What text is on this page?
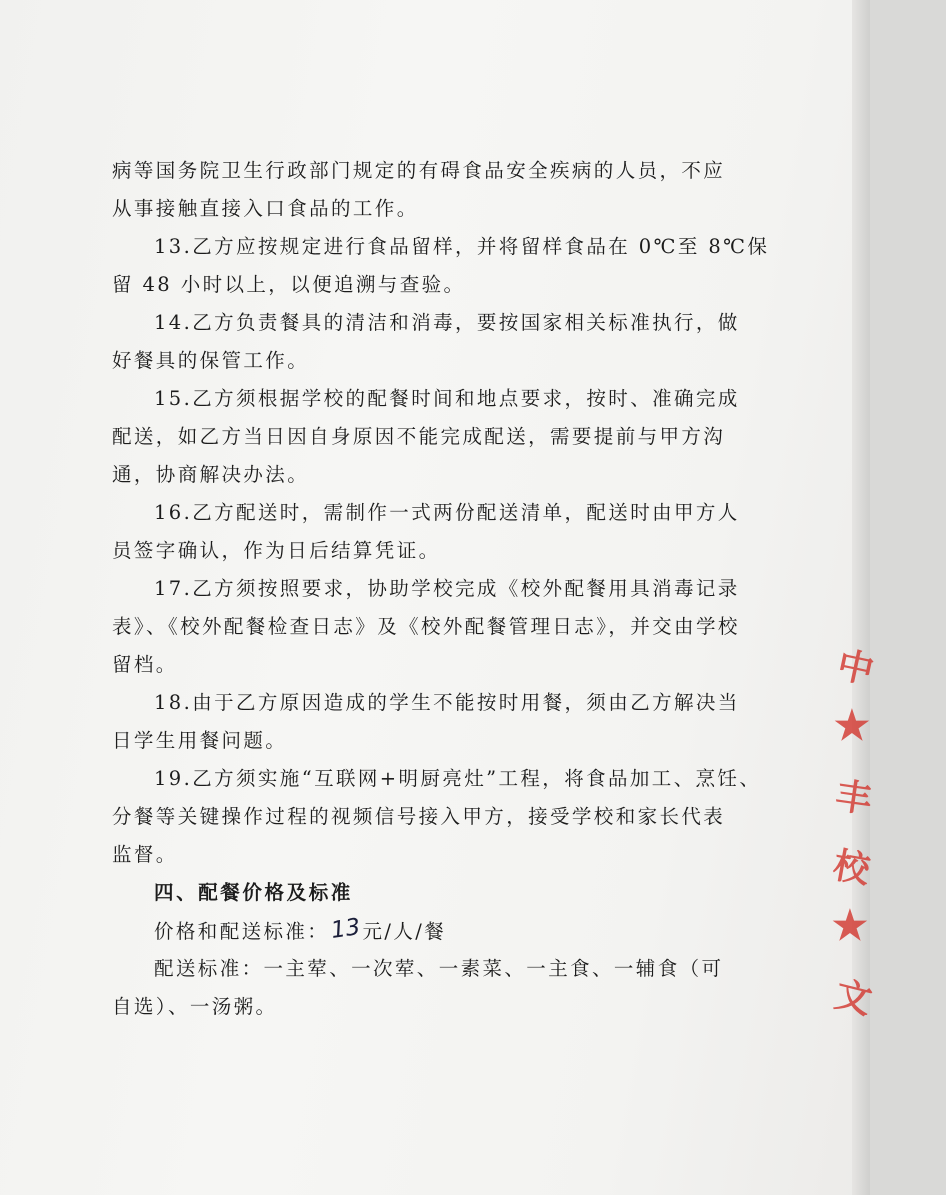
病等国务院卫生行政部门规定的有碍食品安全疾病的人员，不应
从事接触直接入口食品的工作。
13.乙方应按规定进行食品留样，并将留样食品在 0℃至 8℃保
留 48 小时以上，以便追溯与查验。
14.乙方负责餐具的清洁和消毒，要按国家相关标准执行，做
好餐具的保管工作。
15.乙方须根据学校的配餐时间和地点要求，按时、准确完成
配送，如乙方当日因自身原因不能完成配送，需要提前与甲方沟
通，协商解决办法。
16.乙方配送时，需制作一式两份配送清单，配送时由甲方人
员签字确认，作为日后结算凭证。
17.乙方须按照要求，协助学校完成《校外配餐用具消毒记录
表》、《校外配餐检查日志》及《校外配餐管理日志》，并交由学校
留档。
18.由于乙方原因造成的学生不能按时用餐，须由乙方解决当
日学生用餐问题。
19.乙方须实施“互联网+明厨亮灶”工程，将食品加工、烹饪、
分餐等关键操作过程的视频信号接入甲方，接受学校和家长代表
监督。
四、配餐价格及标准
价格和配送标准：13元/人/餐
配送标准：一主荤、一次荤、一素菜、一主食、一辅食（可
自选）、一汤粥。
中
★
丰
校
★
文
